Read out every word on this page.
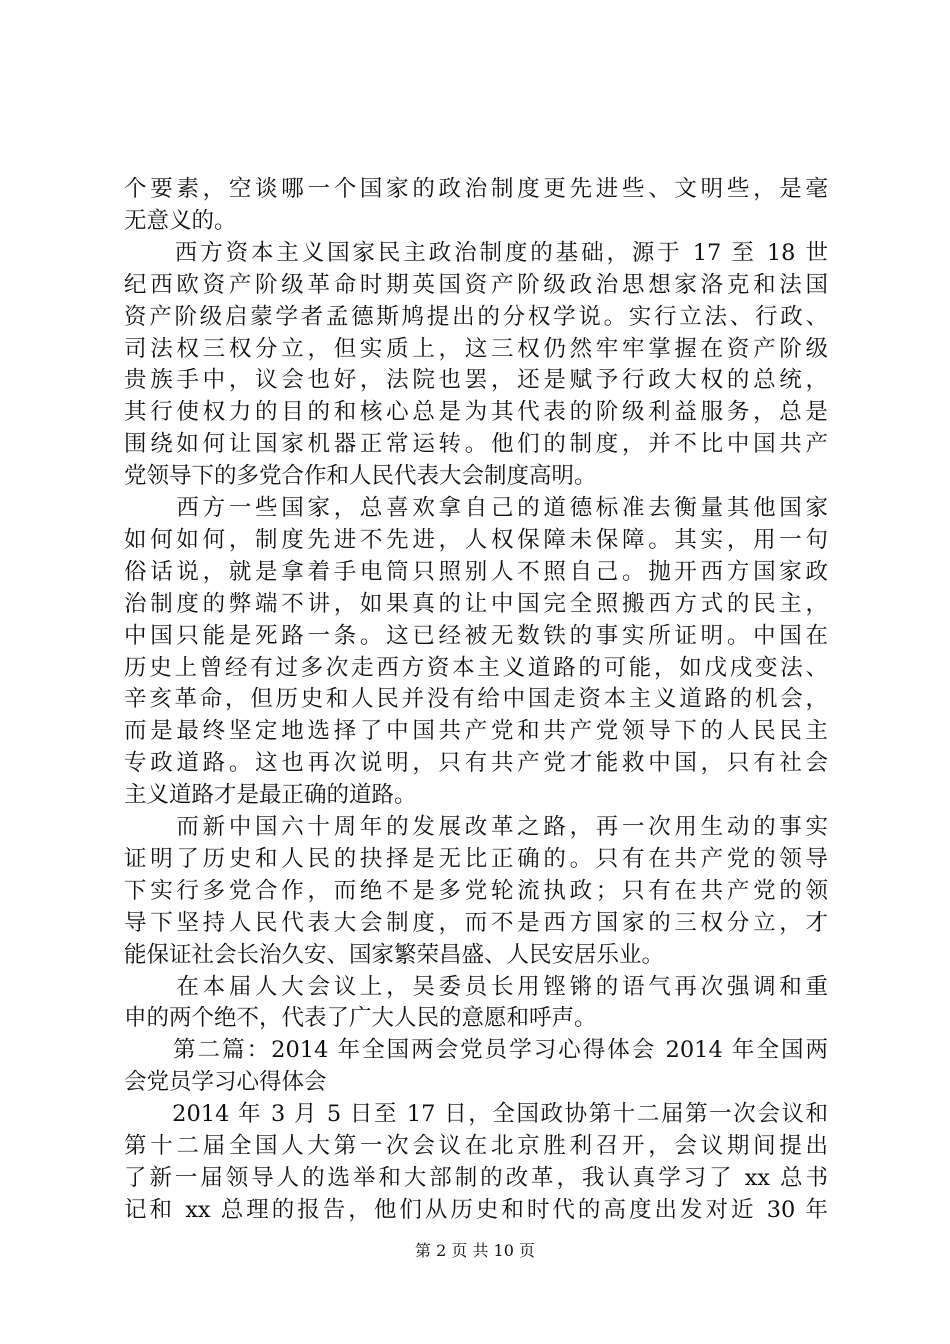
个要素，空谈哪一个国家的政治制度更先进些、文明些，是毫
无意义的。
　　西方资本主义国家民主政治制度的基础，源于 17 至 18 世
纪西欧资产阶级革命时期英国资产阶级政治思想家洛克和法国
资产阶级启蒙学者孟德斯鸠提出的分权学说。实行立法、行政、
司法权三权分立，但实质上，这三权仍然牢牢掌握在资产阶级
贵族手中，议会也好，法院也罢，还是赋予行政大权的总统，
其行使权力的目的和核心总是为其代表的阶级利益服务，总是
围绕如何让国家机器正常运转。他们的制度，并不比中国共产
党领导下的多党合作和人民代表大会制度高明。
　　西方一些国家，总喜欢拿自己的道德标准去衡量其他国家
如何如何，制度先进不先进，人权保障未保障。其实，用一句
俗话说，就是拿着手电筒只照别人不照自己。抛开西方国家政
治制度的弊端不讲，如果真的让中国完全照搬西方式的民主，
中国只能是死路一条。这已经被无数铁的事实所证明。中国在
历史上曾经有过多次走西方资本主义道路的可能，如戊戌变法、
辛亥革命，但历史和人民并没有给中国走资本主义道路的机会，
而是最终坚定地选择了中国共产党和共产党领导下的人民民主
专政道路。这也再次说明，只有共产党才能救中国，只有社会
主义道路才是最正确的道路。
　　而新中国六十周年的发展改革之路，再一次用生动的事实
证明了历史和人民的抉择是无比正确的。只有在共产党的领导
下实行多党合作，而绝不是多党轮流执政；只有在共产党的领
导下坚持人民代表大会制度，而不是西方国家的三权分立，才
能保证社会长治久安、国家繁荣昌盛、人民安居乐业。
　　在本届人大会议上，吴委员长用铿锵的语气再次强调和重
申的两个绝不，代表了广大人民的意愿和呼声。
　　第二篇：2014 年全国两会党员学习心得体会 2014 年全国两
会党员学习心得体会
　　2014 年 3 月 5 日至 17 日，全国政协第十二届第一次会议和
第十二届全国人大第一次会议在北京胜利召开，会议期间提出
了新一届领导人的选举和大部制的改革，我认真学习了 xx 总书
记和 xx 总理的报告，他们从历史和时代的高度出发对近 30 年
第 2 页 共 10 页
